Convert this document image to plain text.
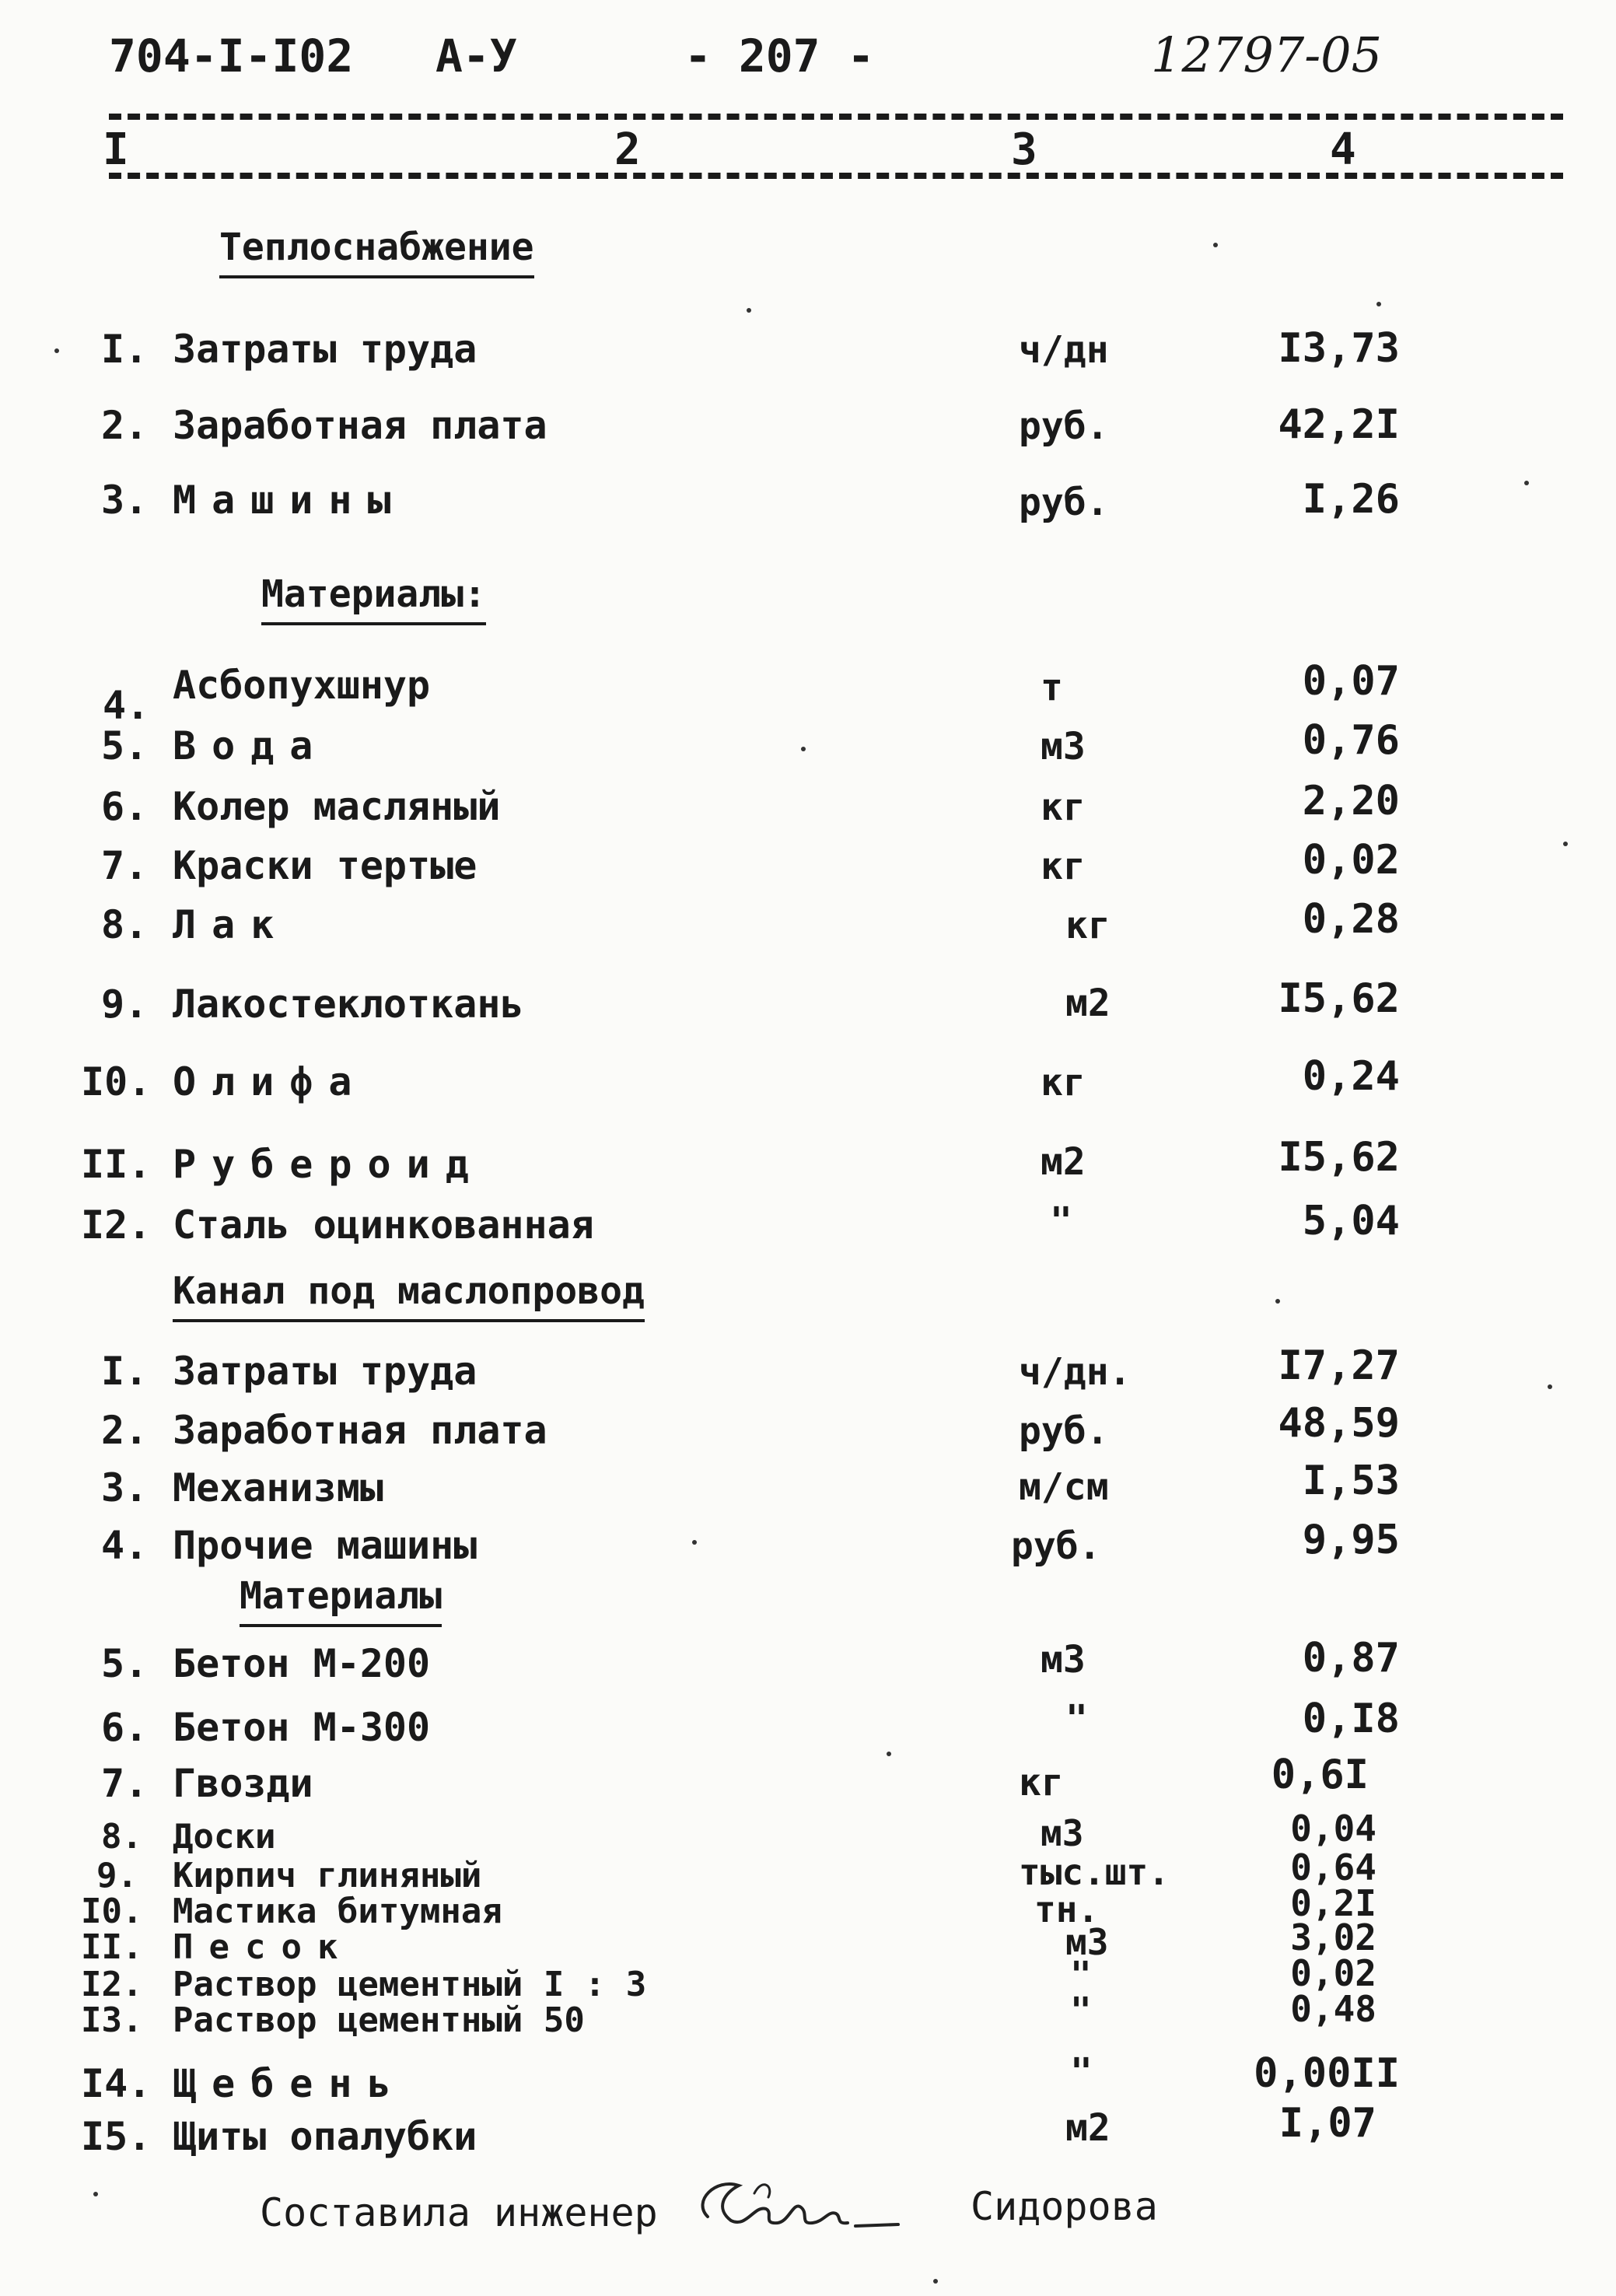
704-I-I02 А-У	- 207 -	12797-05
I	2	3	4
Теплоснабжение
I. Затраты труда	ч/дн	I3,73
2. Заработная плата	руб.	42,2I
3. Машины	руб.	I,26
Материалы:
4. Асбопухшнур	т	0,07
5. Вода	м3	0,76
6. Колер масляный	кг	2,20
7. Краски тертые	кг	0,02
8. Лак	кг	0,28
9. Лакостеклоткань	м2	I5,62
I0. Олифа	кг	0,24
II. Рубероид	м2	I5,62
I2. Сталь оцинкованная	"	5,04
Канал под маслопровод
I. Затраты труда	ч/дн.	I7,27
2. Заработная плата	руб.	48,59
3. Механизмы	м/см	I,53
4. Прочие машины	руб.	9,95
Материалы
5. Бетон М-200	м3	0,87
6. Бетон М-300	"	0,I8
7. Гвозди	кг	0,6I
8. Доски	м3	0,04
9. Кирпич глиняный	тыс.шт.	0,64
I0. Мастика битумная	тн.	0,2I
II. Песок	м3	3,02
I2. Раствор цементный I : 3	"	0,02
I3. Раствор цементный 50	"	0,48
I4. Щебень	"	0,00II
I5. Щиты опалубки	м2	I,07
Составила инженер	Сидорова
